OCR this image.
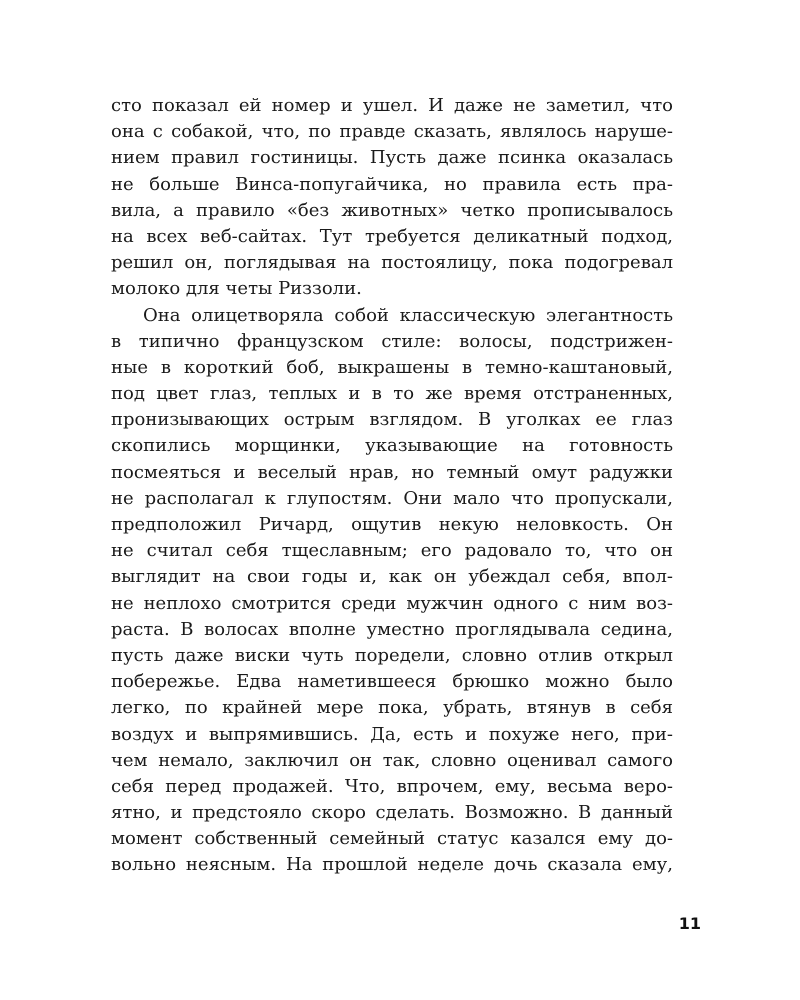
сто показал ей номер и ушел. И даже не заметил, что
она с собакой, что, по правде сказать, являлось наруше-
нием правил гостиницы. Пусть даже псинка оказалась
не больше Винса-попугайчика, но правила есть пра-
вила, а правило «без животных» четко прописывалось
на всех веб-сайтах. Тут требуется деликатный подход,
решил он, поглядывая на постоялицу, пока подогревал
молоко для четы Риззоли.
Она олицетворяла собой классическую элегантность
в типично французском стиле: волосы, подстрижен-
ные в короткий боб, выкрашены в темно-каштановый,
под цвет глаз, теплых и в то же время отстраненных,
пронизывающих острым взглядом. В уголках ее глаз
скопились морщинки, указывающие на готовность
посмеяться и веселый нрав, но темный омут радужки
не располагал к глупостям. Они мало что пропускали,
предположил Ричард, ощутив некую неловкость. Он
не считал себя тщеславным; его радовало то, что он
выглядит на свои годы и, как он убеждал себя, впол-
не неплохо смотрится среди мужчин одного с ним воз-
раста. В волосах вполне уместно проглядывала седина,
пусть даже виски чуть поредели, словно отлив открыл
побережье. Едва наметившееся брюшко можно было
легко, по крайней мере пока, убрать, втянув в себя
воздух и выпрямившись. Да, есть и похуже него, при-
чем немало, заключил он так, словно оценивал самого
себя перед продажей. Что, впрочем, ему, весьма веро-
ятно, и предстояло скоро сделать. Возможно. В данный
момент собственный семейный статус казался ему до-
вольно неясным. На прошлой неделе дочь сказала ему,
11
